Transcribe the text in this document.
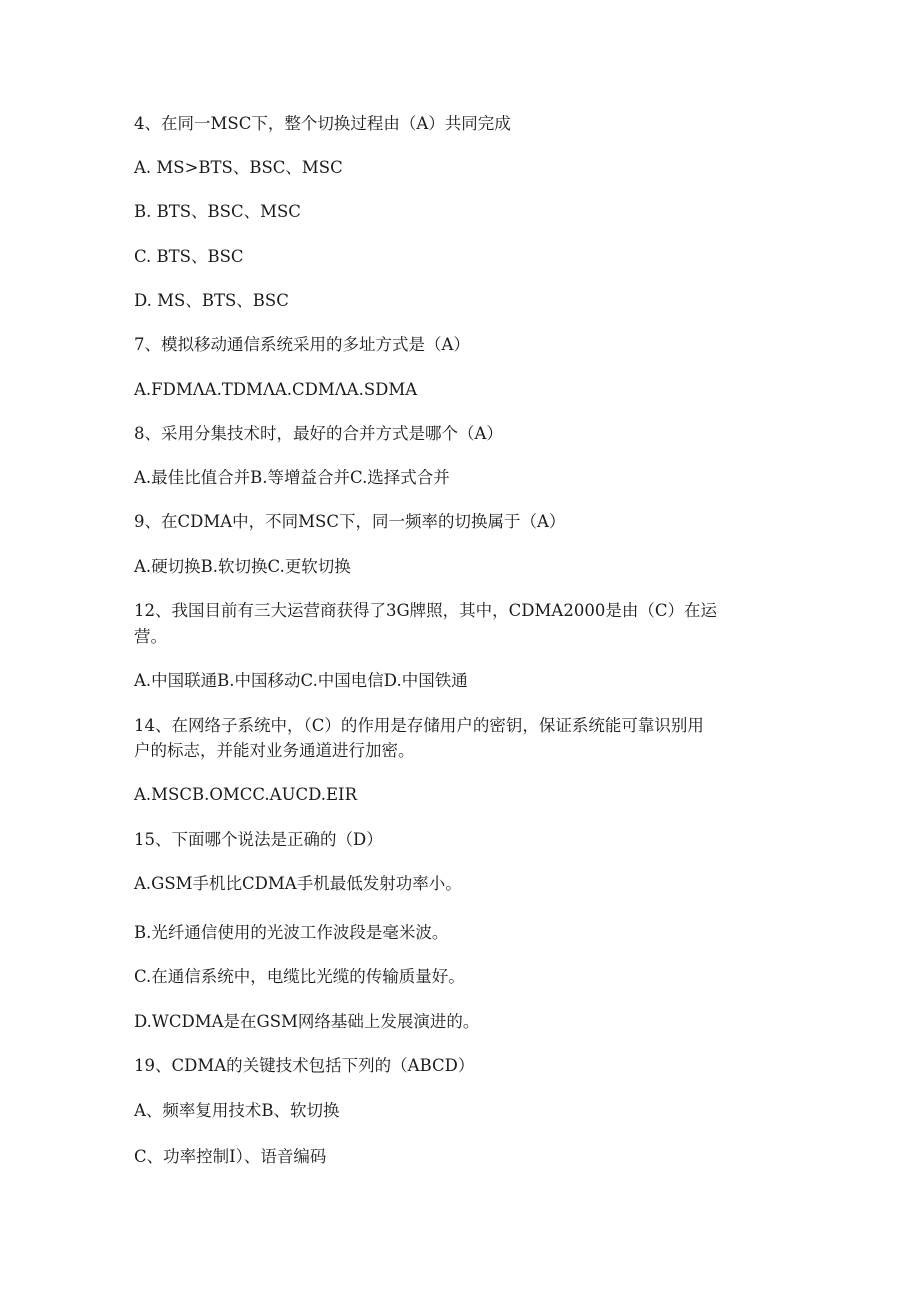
4、在同一MSC下，整个切换过程由（A）共同完成

A. MS>BTS、BSC、MSC

B. BTS、BSC、MSC

C. BTS、BSC

D. MS、BTS、BSC

7、模拟移动通信系统采用的多址方式是（A）

A.FDMΛA.TDMΛA.CDMΛA.SDMA

8、采用分集技术时，最好的合并方式是哪个（A）

A.最佳比值合并B.等增益合并C.选择式合并

9、在CDMA中，不同MSC下，同一频率的切换属于（A）

A.硬切换B.软切换C.更软切换

12、我国目前有三大运营商获得了3G牌照，其中，CDMA2000是由（C）在运

营。

A.中国联通B.中国移动C.中国电信D.中国铁通

14、在网络子系统中，（C）的作用是存储用户的密钥，保证系统能可靠识别用

户的标志，并能对业务通道进行加密。

A.MSCB.OMCC.AUCD.EIR

15、下面哪个说法是正确的（D）

A.GSM手机比CDMA手机最低发射功率小。

B.光纤通信使用的光波工作波段是毫米波。

C.在通信系统中，电缆比光缆的传输质量好。

D.WCDMA是在GSM网络基础上发展演进的。

19、CDMA的关键技术包括下列的（ABCD）

A、频率复用技术B、软切换

C、功率控制I）、语音编码
